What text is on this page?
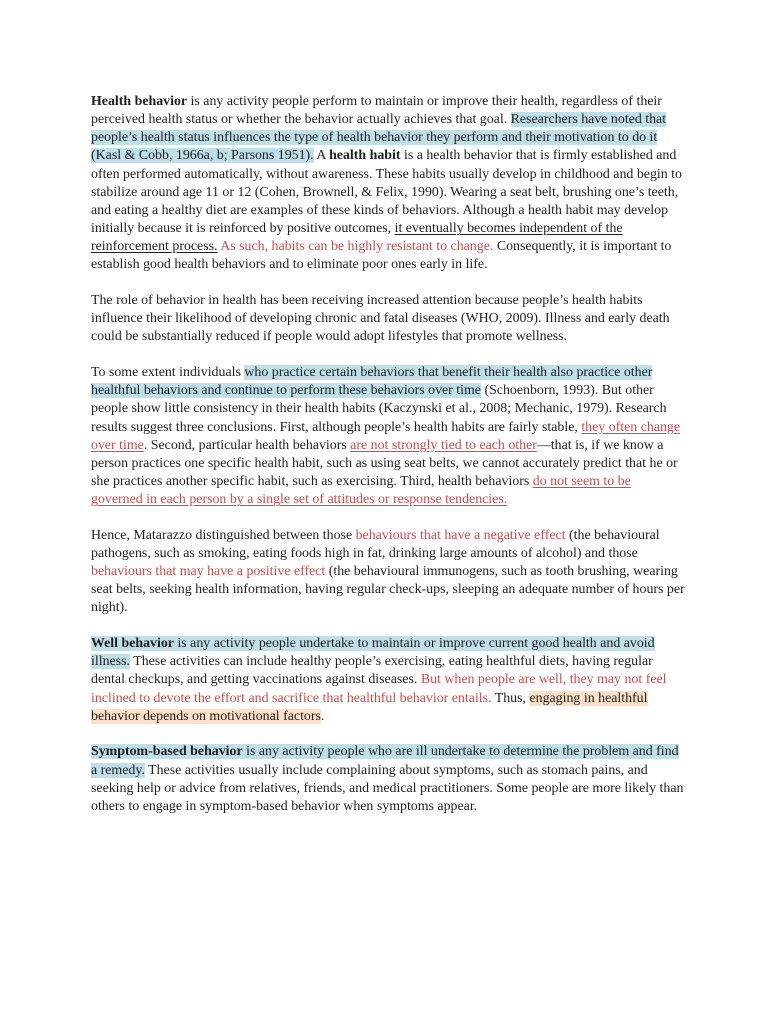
Health behavior is any activity people perform to maintain or improve their health, regardless of their perceived health status or whether the behavior actually achieves that goal. Researchers have noted that people’s health status influences the type of health behavior they perform and their motivation to do it (Kasl & Cobb, 1966a, b; Parsons 1951). A health habit is a health behavior that is firmly established and often performed automatically, without awareness. These habits usually develop in childhood and begin to stabilize around age 11 or 12 (Cohen, Brownell, & Felix, 1990). Wearing a seat belt, brushing one’s teeth, and eating a healthy diet are examples of these kinds of behaviors. Although a health habit may develop initially because it is reinforced by positive outcomes, it eventually becomes independent of the reinforcement process. As such, habits can be highly resistant to change. Consequently, it is important to establish good health behaviors and to eliminate poor ones early in life.

The role of behavior in health has been receiving increased attention because people’s health habits influence their likelihood of developing chronic and fatal diseases (WHO, 2009). Illness and early death could be substantially reduced if people would adopt lifestyles that promote wellness.

To some extent individuals who practice certain behaviors that benefit their health also practice other healthful behaviors and continue to perform these behaviors over time (Schoenborn, 1993). But other people show little consistency in their health habits (Kaczynski et al., 2008; Mechanic, 1979). Research results suggest three conclusions. First, although people’s health habits are fairly stable, they often change over time. Second, particular health behaviors are not strongly tied to each other—that is, if we know a person practices one specific health habit, such as using seat belts, we cannot accurately predict that he or she practices another specific habit, such as exercising. Third, health behaviors do not seem to be governed in each person by a single set of attitudes or response tendencies.

Hence, Matarazzo distinguished between those behaviours that have a negative effect (the behavioural pathogens, such as smoking, eating foods high in fat, drinking large amounts of alcohol) and those behaviours that may have a positive effect (the behavioural immunogens, such as tooth brushing, wearing seat belts, seeking health information, having regular check-ups, sleeping an adequate number of hours per night).

Well behavior is any activity people undertake to maintain or improve current good health and avoid illness. These activities can include healthy people’s exercising, eating healthful diets, having regular dental checkups, and getting vaccinations against diseases. But when people are well, they may not feel inclined to devote the effort and sacrifice that healthful behavior entails. Thus, engaging in healthful behavior depends on motivational factors.

Symptom-based behavior is any activity people who are ill undertake to determine the problem and find a remedy. These activities usually include complaining about symptoms, such as stomach pains, and seeking help or advice from relatives, friends, and medical practitioners. Some people are more likely than others to engage in symptom-based behavior when symptoms appear.
